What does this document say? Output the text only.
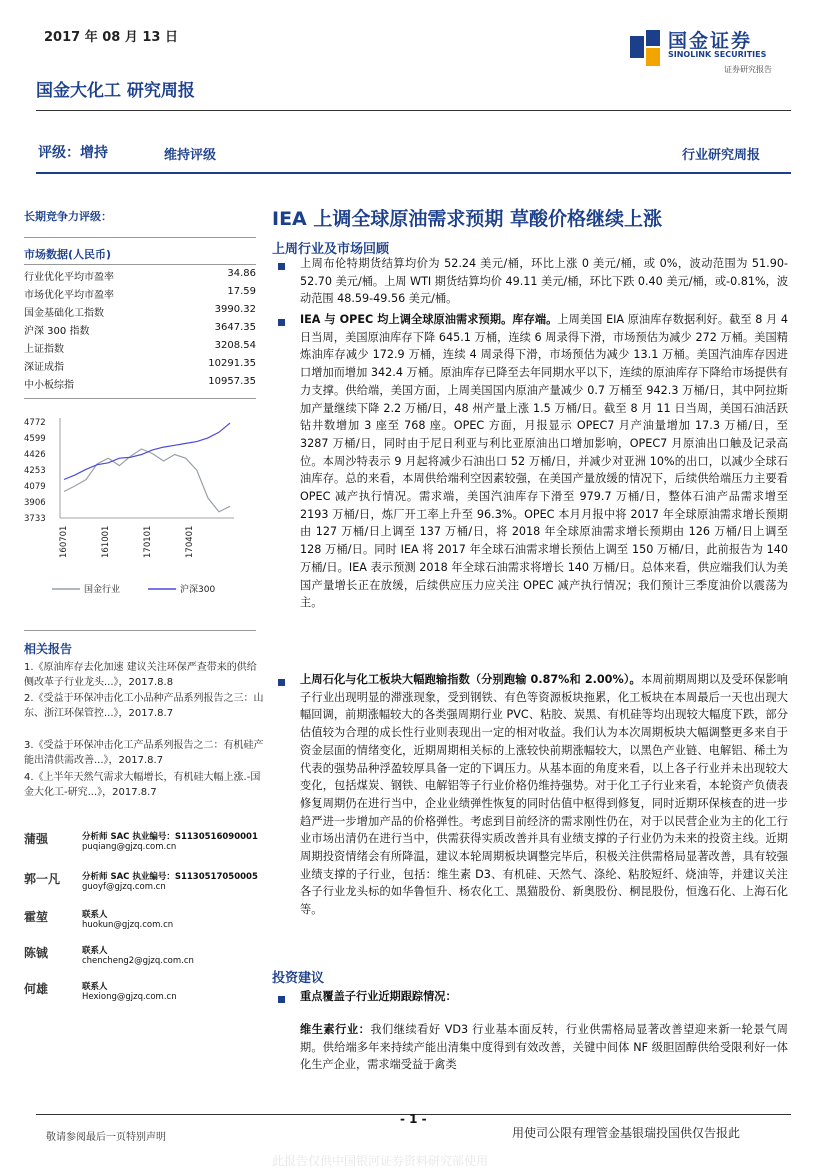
2017 年 08 月 13 日
国金大化工 研究周报
国金证券
SINOLINK SECURITIES
证券研究报告
评级：增持	维持评级	行业研究周报
长期竞争力评级：
市场数据(人民币)
行业优化平均市盈率	34.86
市场优化平均市盈率	17.59
国金基础化工指数	3990.32
沪深 300 指数	3647.35
上证指数	3208.54
深证成指	10291.35
中小板综指	10957.35
4772
4599
4426
4253
4079
3906
3733
160701	161001	170101	170401
国金行业	沪深300
相关报告
1.《原油库存去化加速 建议关注环保严查带来的供给侧改革子行业龙头...》，2017.8.8
2.《受益于环保冲击化工小品种产品系列报告之三：山东、浙江环保管控...》，2017.8.7
3.《受益于环保冲击化工产品系列报告之二：有机硅产能出清供需改善...》，2017.8.7
4.《上半年天然气需求大幅增长，有机硅大幅上涨.-国金大化工-研究...》，2017.8.7
蒲强	分析师 SAC 执业编号：S1130516090001
puqiang@gjzq.com.cn
郭一凡	分析师 SAC 执业编号：S1130517050005
guoyf@gjzq.com.cn
霍堃	联系人
huokun@gjzq.com.cn
陈铖	联系人
chencheng2@gjzq.com.cn
何雄	联系人
Hexiong@gjzq.com.cn
IEA 上调全球原油需求预期 草酸价格继续上涨
上周行业及市场回顾
上周布伦特期货结算均价为 52.24 美元/桶，环比上涨 0 美元/桶，或 0%，波动范围为 51.90-52.70 美元/桶。上周 WTI 期货结算均价 49.11 美元/桶，环比下跌 0.40 美元/桶，或-0.81%，波动范围 48.59-49.56 美元/桶。
IEA 与 OPEC 均上调全球原油需求预期。库存端。上周美国 EIA 原油库存数据利好。截至 8 月 4 日当周，美国原油库存下降 645.1 万桶，连续 6 周录得下滑，市场预估为减少 272 万桶。美国精炼油库存减少 172.9 万桶，连续 4 周录得下滑，市场预估为减少 13.1 万桶。美国汽油库存因进口增加而增加 342.4 万桶。原油库存已降至去年同期水平以下，连续的原油库存下降给市场提供有力支撑。供给端，美国方面，上周美国国内原油产量减少 0.7 万桶至 942.3 万桶/日，其中阿拉斯加产量继续下降 2.2 万桶/日，48 州产量上涨 1.5 万桶/日。截至 8 月 11 日当周，美国石油活跃钻井数增加 3 座至 768 座。OPEC 方面，月报显示 OPEC7 月产油量增加 17.3 万桶/日，至 3287 万桶/日，同时由于尼日利亚与利比亚原油出口增加影响，OPEC7 月原油出口触及记录高位。本周沙特表示 9 月起将减少石油出口 52 万桶/日，并减少对亚洲 10%的出口，以减少全球石油库存。总的来看，本周供给端利空因素较强，在美国产量放缓的情况下，后续供给端压力主要看 OPEC 减产执行情况。需求端，美国汽油库存下滑至 979.7 万桶/日，整体石油产品需求增至 2193 万桶/日，炼厂开工率上升至 96.3%。OPEC 本月月报中将 2017 年全球原油需求增长预期由 127 万桶/日上调至 137 万桶/日，将 2018 年全球原油需求增长预期由 126 万桶/日上调至 128 万桶/日。同时 IEA 将 2017 年全球石油需求增长预估上调至 150 万桶/日，此前报告为 140 万桶/日。IEA 表示预测 2018 年全球石油需求将增长 140 万桶/日。总体来看，供应端我们认为美国产量增长正在放缓，后续供应压力应关注 OPEC 减产执行情况；我们预计三季度油价以震荡为主。
上周石化与化工板块大幅跑输指数（分别跑输 0.87%和 2.00%）。本周前期周期以及受环保影响子行业出现明显的滞涨现象，受到钢铁、有色等资源板块拖累，化工板块在本周最后一天也出现大幅回调，前期涨幅较大的各类强周期行业 PVC、粘胶、炭黑、有机硅等均出现较大幅度下跌，部分估值较为合理的成长性行业则表现出一定的相对收益。我们认为本次周期板块大幅调整更多来自于资金层面的情绪变化，近期周期相关标的上涨较快前期涨幅较大，以黑色产业链、电解铝、稀土为代表的强势品种浮盈较厚具备一定的下调压力。从基本面的角度来看，以上各子行业并未出现较大变化，包括煤炭、钢铁、电解铝等子行业价格仍维持强势。对于化工子行业来看，本轮资产负债表修复周期仍在进行当中，企业业绩弹性恢复的同时估值中枢得到修复，同时近期环保核查的进一步趋严进一步增加产品的价格弹性。考虑到目前经济的需求刚性仍在，对于以民营企业为主的化工行业市场出清仍在进行当中，供需获得实质改善并具有业绩支撑的子行业仍为未来的投资主线。近期周期投资情绪会有所降温，建议本轮周期板块调整完毕后，积极关注供需格局显著改善，具有较强业绩支撑的子行业，包括：维生素 D3、有机硅、天然气、涤纶、粘胶短纤、烧油等，并建议关注各子行业龙头标的如华鲁恒升、杨农化工、黑猫股份、新奥股份、桐昆股份，恒逸石化、上海石化等。
投资建议
重点覆盖子行业近期跟踪情况：
维生素行业：我们继续看好 VD3 行业基本面反转，行业供需格局显著改善望迎来新一轮景气周期。供给端多年来持续产能出清集中度得到有效改善，关键中间体 NF 级胆固醇供给受限利好一体化生产企业，需求端受益于禽类
- 1 -
敬请参阅最后一页特别声明	用使司公限有理管金基银瑞投国供仅告报此
此报告仅供中国银河证券资料研究部使用
